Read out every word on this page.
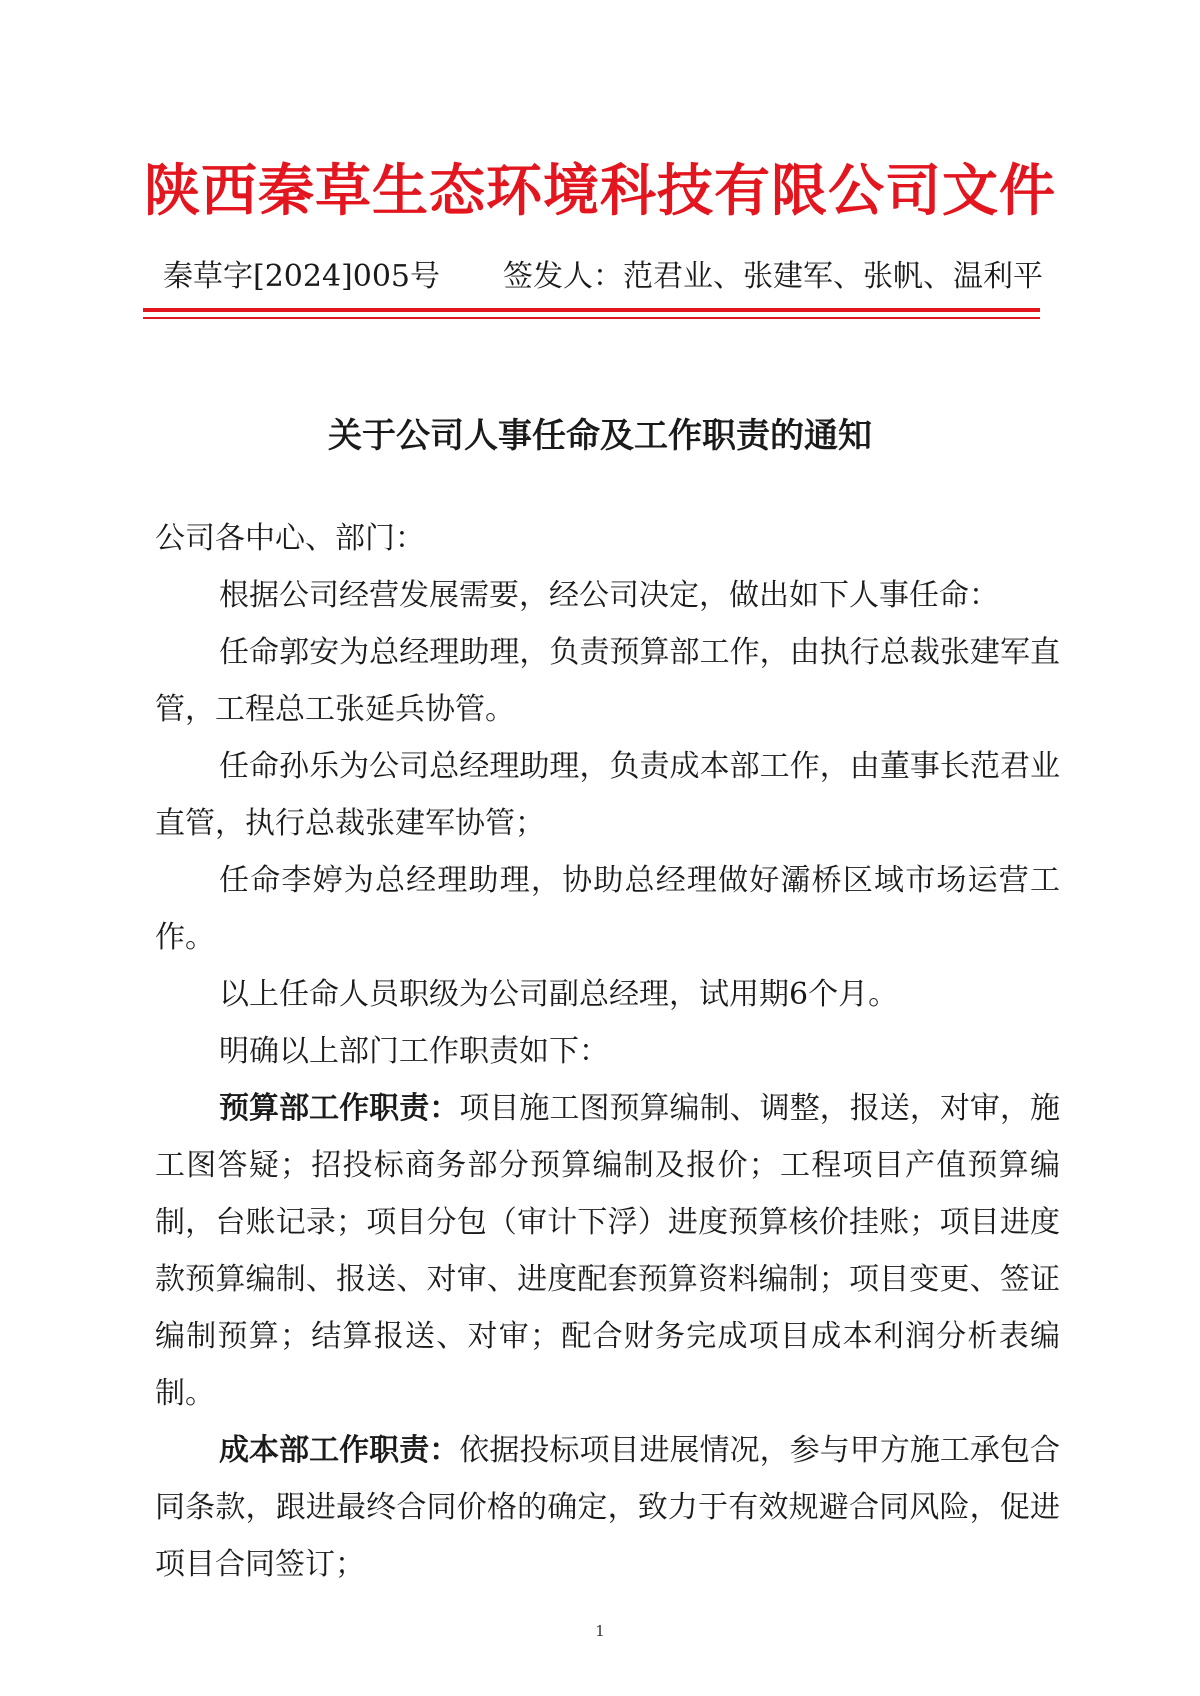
陕西秦草生态环境科技有限公司文件
秦草字[2024]005号 签发人：范君业、张建军、张帆、温利平
关于公司人事任命及工作职责的通知

公司各中心、部门：

根据公司经营发展需要，经公司决定，做出如下人事任命：

任命郭安为总经理助理，负责预算部工作，由执行总裁张建军直管，工程总工张延兵协管。

任命孙乐为公司总经理助理，负责成本部工作，由董事长范君业直管，执行总裁张建军协管；

任命李婷为总经理助理，协助总经理做好灞桥区域市场运营工作。

以上任命人员职级为公司副总经理，试用期6个月。

明确以上部门工作职责如下：

预算部工作职责：项目施工图预算编制、调整，报送，对审，施工图答疑；招投标商务部分预算编制及报价；工程项目产值预算编制，台账记录；项目分包（审计下浮）进度预算核价挂账；项目进度款预算编制、报送、对审、进度配套预算资料编制；项目变更、签证编制预算；结算报送、对审；配合财务完成项目成本利润分析表编制。

成本部工作职责：依据投标项目进展情况，参与甲方施工承包合同条款，跟进最终合同价格的确定，致力于有效规避合同风险，促进项目合同签订；

1
